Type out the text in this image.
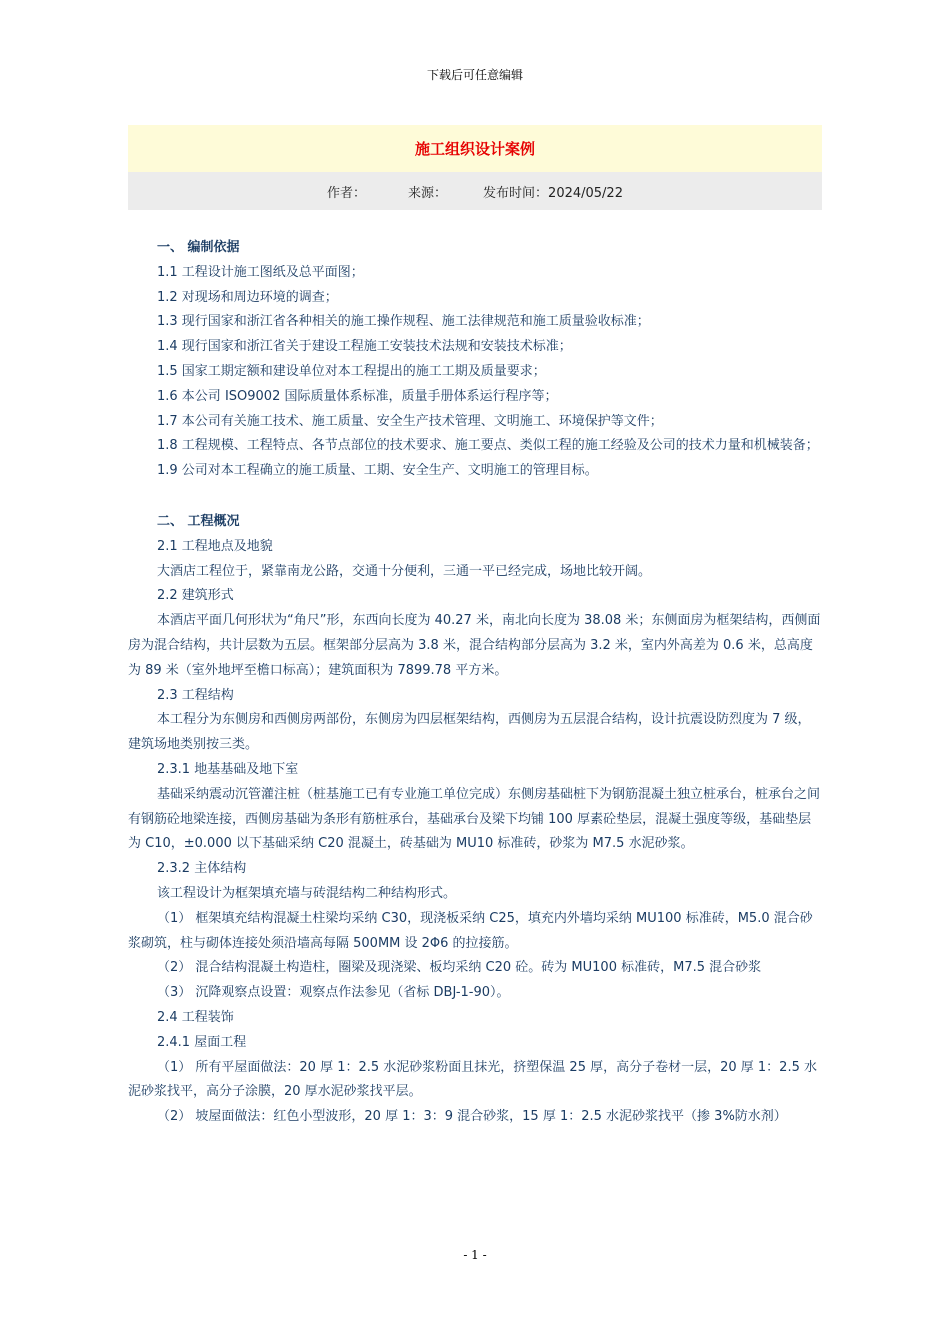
下载后可任意编辑
施工组织设计案例
作者：	来源：	发布时间：2024/05/22

一、 编制依据

1.1 工程设计施工图纸及总平面图；

1.2 对现场和周边环境的调查；

1.3 现行国家和浙江省各种相关的施工操作规程、施工法律规范和施工质量验收标准；

1.4 现行国家和浙江省关于建设工程施工安装技术法规和安装技术标准；

1.5 国家工期定额和建设单位对本工程提出的施工工期及质量要求；

1.6 本公司 ISO9002 国际质量体系标准，质量手册体系运行程序等；

1.7 本公司有关施工技术、施工质量、安全生产技术管理、文明施工、环境保护等文件；

1.8 工程规模、工程特点、各节点部位的技术要求、施工要点、类似工程的施工经验及公司的技术力量和机械装备；

1.9 公司对本工程确立的施工质量、工期、安全生产、文明施工的管理目标。

二、 工程概况

2.1 工程地点及地貌

大酒店工程位于，紧靠南龙公路，交通十分便利，三通一平已经完成，场地比较开阔。

2.2 建筑形式

本酒店平面几何形状为“角尺”形，东西向长度为 40.27 米，南北向长度为 38.08 米；东侧面房为框架结构，西侧面房为混合结构，共计层数为五层。框架部分层高为 3.8 米，混合结构部分层高为 3.2 米，室内外高差为 0.6 米，总高度为 89 米（室外地坪至檐口标高）；建筑面积为 7899.78 平方米。

2.3 工程结构

本工程分为东侧房和西侧房两部份，东侧房为四层框架结构，西侧房为五层混合结构，设计抗震设防烈度为 7 级，建筑场地类别按三类。

2.3.1 地基基础及地下室

基础采纳震动沉管灌注桩（桩基施工已有专业施工单位完成）东侧房基础桩下为钢筋混凝土独立桩承台，桩承台之间有钢筋砼地梁连接，西侧房基础为条形有筋桩承台，基础承台及梁下均铺 100 厚素砼垫层，混凝土强度等级，基础垫层为 C10，±0.000 以下基础采纳 C20 混凝土，砖基础为 MU10 标准砖，砂浆为 M7.5 水泥砂浆。

2.3.2 主体结构

该工程设计为框架填充墙与砖混结构二种结构形式。

（1） 框架填充结构混凝土柱梁均采纳 C30，现浇板采纳 C25，填充内外墙均采纳 MU100 标准砖，M5.0 混合砂浆砌筑，柱与砌体连接处须沿墙高每隔 500MM 设 2Φ6 的拉接筋。

（2） 混合结构混凝土构造柱，圈梁及现浇梁、板均采纳 C20 砼。砖为 MU100 标准砖，M7.5 混合砂浆

（3） 沉降观察点设置：观察点作法参见（省标 DBJ-1-90）。

2.4 工程装饰

2.4.1 屋面工程

（1） 所有平屋面做法：20 厚 1：2.5 水泥砂浆粉面且抹光，挤塑保温 25 厚，高分子卷材一层，20 厚 1：2.5 水泥砂浆找平，高分子涂膜，20 厚水泥砂浆找平层。

（2） 坡屋面做法：红色小型波形，20 厚 1：3：9 混合砂浆，15 厚 1：2.5 水泥砂浆找平（掺 3%防水剂）

- 1 -
